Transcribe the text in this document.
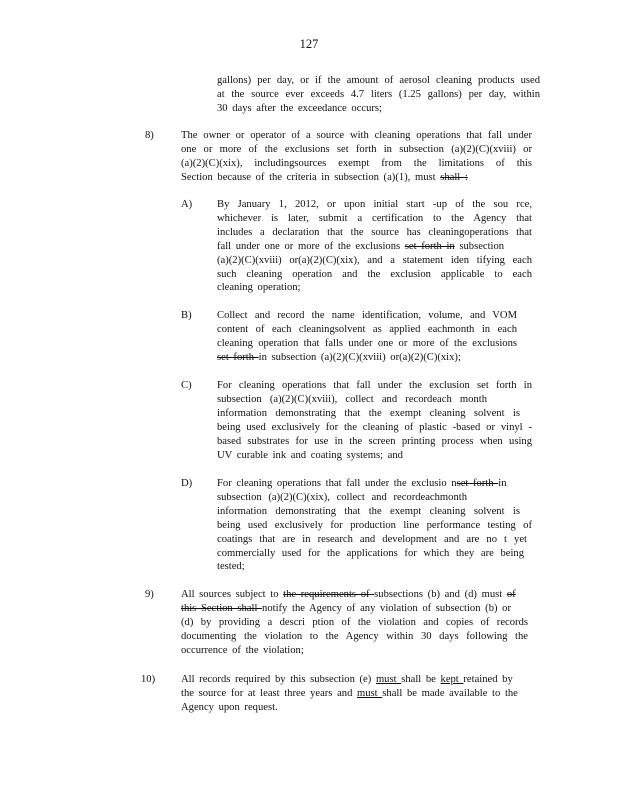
127
gallons) per day, or if the amount of aerosol cleaning products used
at the source ever exceeds 4.7 liters (1.25 gallons) per day, within
30 days after the exceedance occurs;
8)	The owner or operator of a source with cleaning operations that fall under
one or more of the exclusions set forth in subsection (a)(2)(C)(xviii) or
(a)(2)(C)(xix), includingsources exempt from the limitations of this
Section because of the criteria in subsection (a)(1), must shall :
A) By January 1, 2012, or upon initial start -up of the sou rce,
whichever is later, submit a certification to the Agency that
includes a declaration that the source has cleaningoperations that
fall under one or more of the exclusions set forth in subsection
(a)(2)(C)(xviii) or(a)(2)(C)(xix), and a statement iden tifying each
such cleaning operation and the exclusion applicable to each
cleaning operation;
B) Collect and record the name identification, volume, and VOM
content of each cleaningsolvent as applied eachmonth in each
cleaning operation that falls under one or more of the exclusions
set forth in subsection (a)(2)(C)(xviii) or(a)(2)(C)(xix);
C) For cleaning operations that fall under the exclusion set forth in
subsection (a)(2)(C)(xviii), collect and recordeach month
information demonstrating that the exempt cleaning solvent is
being used exclusively for the cleaning of plastic -based or vinyl -
based substrates for use in the screen printing process when using
UV curable ink and coating systems; and
D) For cleaning operations that fall under the exclusio nset forth in
subsection (a)(2)(C)(xix), collect and recordeachmonth
information demonstrating that the exempt cleaning solvent is
being used exclusively for production line performance testing of
coatings that are in research and development and are no t yet
commercially used for the applications for which they are being
tested;
9)	All sources subject to the requirements of subsections (b) and (d) must of
this Section shall notify the Agency of any violation of subsection (b) or
(d) by providing a descri ption of the violation and copies of records
documenting the violation to the Agency within 30 days following the
occurrence of the violation;
10) All records required by this subsection (e) must shall be kept retained by
the source for at least three years and must shall be made available to the
Agency upon request.
